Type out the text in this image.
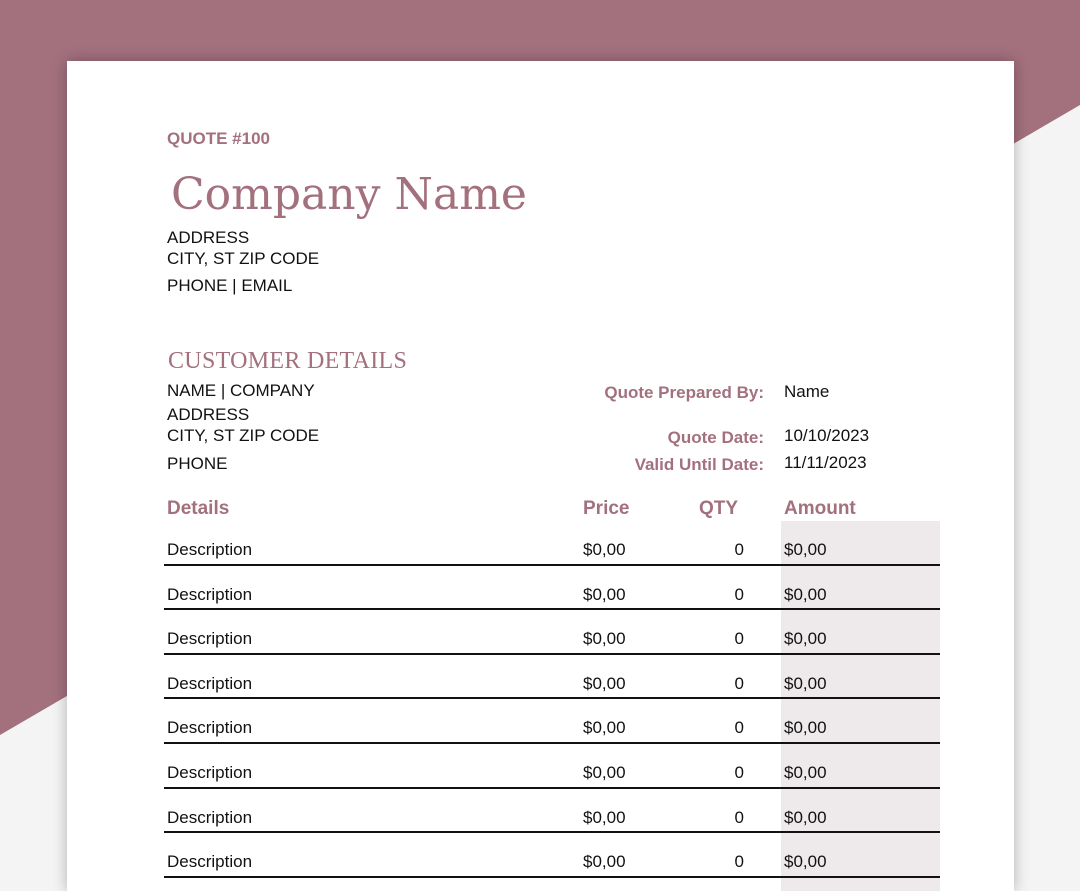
QUOTE #100
Company Name
ADDRESS
CITY, ST ZIP CODE
PHONE | EMAIL
CUSTOMER DETAILS
NAME | COMPANY
ADDRESS
CITY, ST ZIP CODE
PHONE
Quote Prepared By: Name
Quote Date: 10/10/2023
Valid Until Date: 11/11/2023
Details	Price	QTY Amount
Description	$0,00	0 $0,00
Description	$0,00	0 $0,00
Description	$0,00	0 $0,00
Description	$0,00	0 $0,00
Description	$0,00	0 $0,00
Description	$0,00	0 $0,00
Description	$0,00	0 $0,00
Description	$0,00	0 $0,00
